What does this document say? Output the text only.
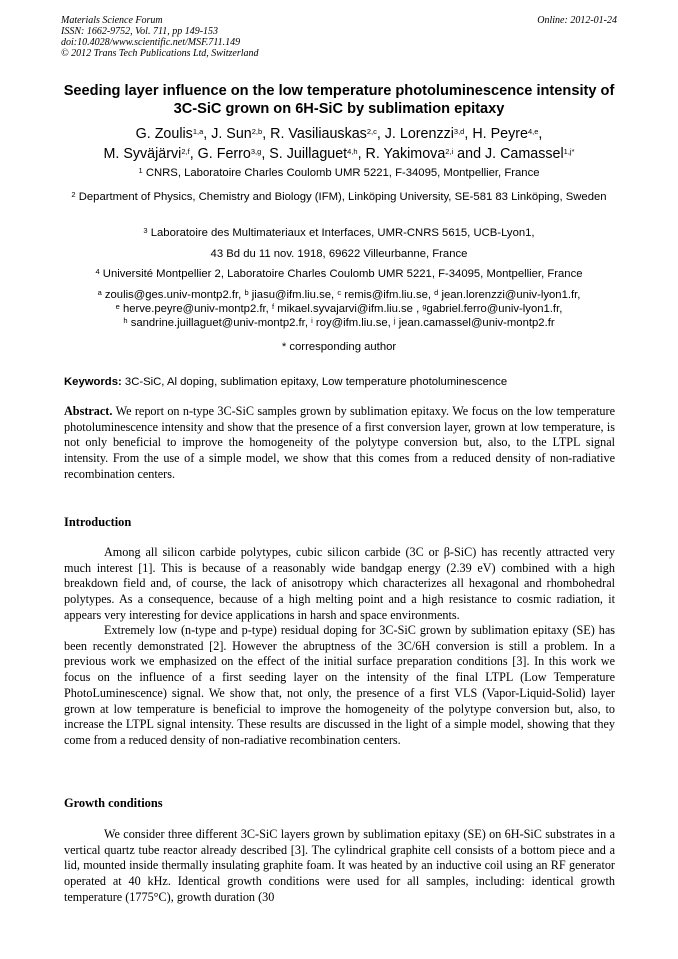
Materials Science Forum	Online: 2012-01-24
ISSN: 1662-9752, Vol. 711, pp 149-153
doi:10.4028/www.scientific.net/MSF.711.149
© 2012 Trans Tech Publications Ltd, Switzerland
Seeding layer influence on the low temperature photoluminescence intensity of 3C-SiC grown on 6H-SiC by sublimation epitaxy
G. Zoulis$^{1,a}$, J. Sun$^{2,b}$, R. Vasiliauskas$^{2,c}$, J. Lorenzzi$^{3,d}$, H. Peyre$^{4,e}$,
M. Syväjärvi$^{2,f}$, G. Ferro$^{3,g}$, S. Juillaguet$^{4,h}$, R. Yakimova$^{2,i}$ and J. Camassel$^{1,j*}$
$^1$ CNRS, Laboratoire Charles Coulomb UMR 5221, F-34095, Montpellier, France
$^2$ Department of Physics, Chemistry and Biology (IFM), Linköping University, SE-581 83 Linköping, Sweden
$^3$ Laboratoire des Multimateriaux et Interfaces, UMR-CNRS 5615, UCB-Lyon1,
43 Bd du 11 nov. 1918, 69622 Villeurbanne, France
$^4$ Université Montpellier 2, Laboratoire Charles Coulomb UMR 5221, F-34095, Montpellier, France
$^a$ zoulis@ges.univ-montp2.fr, $^b$ jiasu@ifm.liu.se, $^c$ remis@ifm.liu.se, $^d$ jean.lorenzzi@univ-lyon1.fr,
$^e$ herve.peyre@univ-montp2.fr, $^f$ mikael.syvajarvi@ifm.liu.se , $^g$gabriel.ferro@univ-lyon1.fr,
$^h$ sandrine.juillaguet@univ-montp2.fr, $^i$ roy@ifm.liu.se, $^j$ jean.camassel@univ-montp2.fr
* corresponding author
Keywords: 3C-SiC, Al doping, sublimation epitaxy, Low temperature photoluminescence
Abstract. We report on n-type 3C-SiC samples grown by sublimation epitaxy. We focus on the low temperature photoluminescence intensity and show that the presence of a first conversion layer, grown at low temperature, is not only beneficial to improve the homogeneity of the polytype conversion but, also, to the LTPL signal intensity. From the use of a simple model, we show that this comes from a reduced density of non-radiative recombination centers.
Introduction

Among all silicon carbide polytypes, cubic silicon carbide (3C or β-SiC) has recently attracted very much interest [1]. This is because of a reasonably wide bandgap energy (2.39 eV) combined with a high breakdown field and, of course, the lack of anisotropy which characterizes all hexagonal and rhombohedral polytypes. As a consequence, because of a high melting point and a high resistance to cosmic radiation, it appears very interesting for device applications in harsh and space environments.

Extremely low (n-type and p-type) residual doping for 3C-SiC grown by sublimation epitaxy (SE) has been recently demonstrated [2]. However the abruptness of the 3C/6H conversion is still a problem. In a previous work we emphasized on the effect of the initial surface preparation conditions [3]. In this work we focus on the influence of a first seeding layer on the intensity of the final LTPL (Low Temperature PhotoLuminescence) signal. We show that, not only, the presence of a first VLS (Vapor-Liquid-Solid) layer grown at low temperature is beneficial to improve the homogeneity of the polytype conversion but, also, to increase the LTPL signal intensity. These results are discussed in the light of a simple model, showing that they come from a reduced density of non-radiative recombination centers.

Growth conditions

We consider three different 3C-SiC layers grown by sublimation epitaxy (SE) on 6H-SiC substrates in a vertical quartz tube reactor already described [3]. The cylindrical graphite cell consists of a bottom piece and a lid, mounted inside thermally insulating graphite foam. It was heated by an inductive coil using an RF generator operated at 40 kHz. Identical growth conditions were used for all samples, including: identical growth temperature (1775°C), growth duration (30
